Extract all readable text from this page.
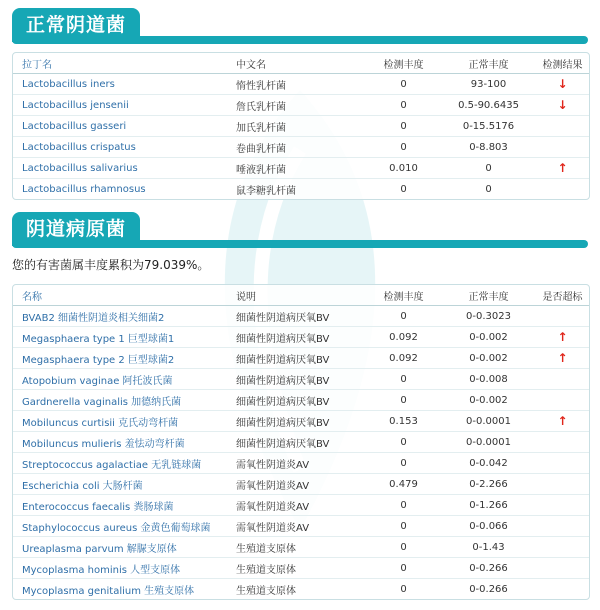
正常阴道菌
拉丁名	中文名	检测丰度	正常丰度	检测结果
Lactobacillus iners	惰性乳杆菌	0	93-100	↓
Lactobacillus jensenii	詹氏乳杆菌	0	0.5-90.6435	↓
Lactobacillus gasseri	加氏乳杆菌	0	0-15.5176	
Lactobacillus crispatus	卷曲乳杆菌	0	0-8.803	
Lactobacillus salivarius	唾液乳杆菌	0.010	0	↑
Lactobacillus rhamnosus	鼠李糖乳杆菌	0	0	
阴道病原菌
您的有害菌属丰度累积为79.039%。
名称	说明	检测丰度	正常丰度	是否超标
BVAB2 细菌性阴道炎相关细菌2	细菌性阴道病厌氧BV	0	0-0.3023	
Megasphaera type 1 巨型球菌1	细菌性阴道病厌氧BV	0.092	0-0.002	↑
Megasphaera type 2 巨型球菌2	细菌性阴道病厌氧BV	0.092	0-0.002	↑
Atopobium vaginae 阿托波氏菌	细菌性阴道病厌氧BV	0	0-0.008	
Gardnerella vaginalis 加德纳氏菌	细菌性阴道病厌氧BV	0	0-0.002	
Mobiluncus curtisii 克氏动弯杆菌	细菌性阴道病厌氧BV	0.153	0-0.0001	↑
Mobiluncus mulieris 羞怯动弯杆菌	细菌性阴道病厌氧BV	0	0-0.0001	
Streptococcus agalactiae 无乳链球菌	需氧性阴道炎AV	0	0-0.042	
Escherichia coli 大肠杆菌	需氧性阴道炎AV	0.479	0-2.266	
Enterococcus faecalis 粪肠球菌	需氧性阴道炎AV	0	0-1.266	
Staphylococcus aureus 金黄色葡萄球菌	需氧性阴道炎AV	0	0-0.066	
Ureaplasma parvum 解脲支原体	生殖道支原体	0	0-1.43	
Mycoplasma hominis 人型支原体	生殖道支原体	0	0-0.266	
Mycoplasma genitalium 生殖支原体	生殖道支原体	0	0-0.266	
